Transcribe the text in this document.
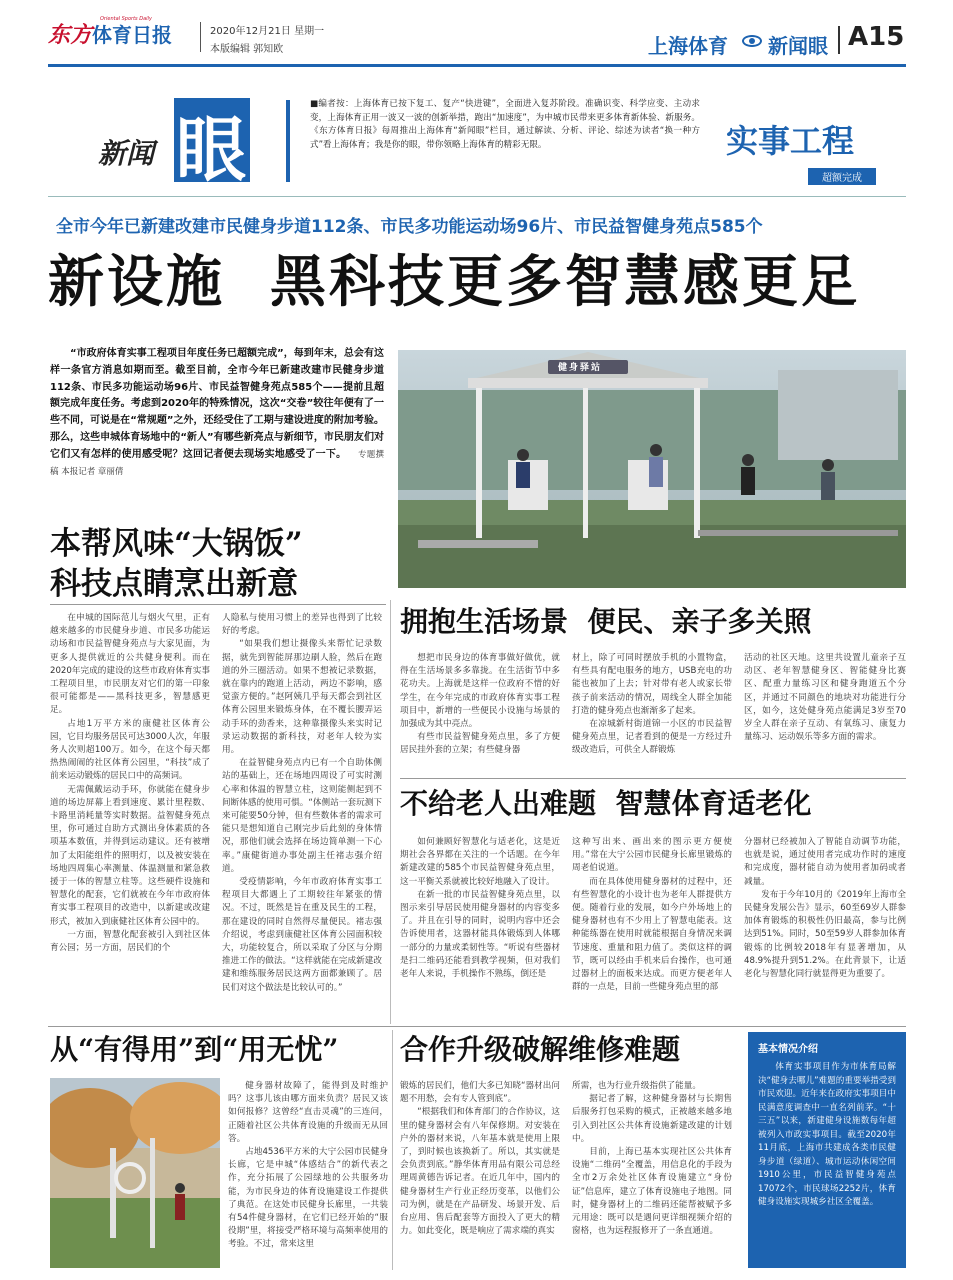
东方体育日报
Oriental Sports Daily
2020年12月21日 星期一
本版编辑 郭知欧	上海体育 新闻眼 A15
新闻 眼
■编者按：上海体育已按下复工、复产“快进键”，全面进入复苏阶段。准确识变、科学应变、主动求变，上海体育正用一波又一波的创新举措，跑出“加速度”，为申城市民带来更多体育新体验、新服务。《东方体育日报》每周推出上海体育“新闻眼”栏目，通过解读、分析、评论、综述为读者“换一种方式”看上海体育；我是你的眼，带你领略上海体育的精彩无限。	实事工程
超额完成
全市今年已新建改建市民健身步道112条、市民多功能运动场96片、市民益智健身苑点585个
新设施  黑科技更多智慧感更足
“市政府体育实事工程项目年度任务已超额完成”，每到年末，总会有这样一条官方消息如期而至。截至目前，全市今年已新建改建市民健身步道112条、市民多功能运动场96片、市民益智健身苑点585个——提前且超额完成年度任务。考虑到2020年的特殊情况，这次“交卷”较往年便有了一些不同，可说是在“常规题”之外，还经受住了工期与建设进度的附加考验。那么，这些申城体育场地中的“新人”有哪些新亮点与新细节，市民朋友们对它们又有怎样的使用感受呢？这回记者便去现场实地感受了一下。 专题撰稿 本报记者 章丽倩
健身驿站
本帮风味“大锅饭”
科技点睛烹出新意

在申城的国际范儿与烟火气里，正有越来越多的市民健身步道、市民多功能运动场和市民益智健身苑点与大家见面，为更多人提供就近的公共健身便利。而在2020年完成的建设的这些市政府体育实事工程项目里，市民朋友对它们的第一印象很可能都是——黑科技更多，智慧感更足。

占地1万平方米的康健社区体育公园，它目均服务居民可达3000人次，年服务人次则超100万。如今，在这个每天都热热闹闹的社区体育公园里，“科技”成了前来运动锻炼的居民口中的高频词。

无需佩戴运动手环，你就能在健身步道的场边屏幕上看到速度、累计里程数、卡路里消耗量等实时数据。益智健身苑点里，你可通过自助方式测出身体素质的各项基本数值，并得到运动建议。还有被增加了太阳能组件的照明灯，以及被安装在场地四周集心率测量、体温测量和紧急救援于一体的智慧立柱等。这些硬件设施和智慧化的配套，它们就被在今年市政府体育实事工程项目的改造中，以新建或改建形式，被加入到康健社区体育公园中的。

一方面，智慧化配套被引入到社区体育公园；另一方面，居民们的个

人隐私与使用习惯上的差异也得到了比较好的考虑。

“如果我们想让摄像头来帮忙记录数据，就先到智能屏那边刷人脸，然后在跑道的外三圈活动。如果不想被记录数据，就在靠内的跑道上活动，两边不影响，感觉蛮方便的。”赵阿姨几乎每天都会到社区体育公园里来锻炼身体，在不覆长腰弄运动手环的劲香来，这种靠摄像头来实时记录运动数据的新科技，对老年人较为实用。

在益智健身苑点内已有一个自助体侧站的基础上，还在场地四周设了可实时测心率和体温的智慧立柱，这则能侧起到不间断体感的使用可惧。“体侧站一套玩测下来可能要50分钟，但有些数体者的需求可能只是想知道自己刚完步后此刻的身体情况，那他们就会选择在场边简单测一下心率。”康健街道办事处副主任褚志强介绍道。

受疫情影响，今年市政府体育实事工程项目大都遇上了工期较往年紧张的情况。不过，既然是旨在重及民生的工程，那在建设的同时自然得尽量便民。褚志强介绍说，考虑到康健社区体育公园面积较大，功能较复合，所以采取了分区与分期推进工作的做法。“这样就能在完成新建改建和维练服务居民这两方面都兼顾了。居民们对这个做法是比较认可的。”

拥抱生活场景  便民、亲子多关照

想把市民身边的体育事做好做优，就得在生活场景多多靠拢。在生活街节中多花功夫。上海就是这样一位政府不惜的好学生，在今年完成的市政府体育实事工程项目中，新增的一些便民小设施与场景的加强成为其中亮点。

有些市民益智健身苑点里，多了方便居民挂外套的立架；有些健身器

材上，除了可同时摆放手机的小置物盒，有些具有配电服务的地方，USB充电的功能也被加了上去；针对带有老人或家长带孩子前来活动的情况，周线全人群全加能打造的健身苑点也渐渐多了起来。

在凉城新村街道锦一小区的市民益智健身苑点里，记者看到的便是一方经过升级改造后，可供全人群锻炼

活动的社区天地。这里共设置儿童亲子互动区、老年智慧健身区、智能健身比赛区、配重力量练习区和健身跑道五个分区，并通过不同颜色的地块对功能进行分区，如今，这处健身苑点能满足3岁至70岁全人群在亲子互动、有氧练习、康复力量练习、运动娱乐等多方面的需求。

不给老人出难题  智慧体育适老化

如何兼顾好智慧化与适老化，这是近期社会各界都在关注的一个话题。在今年新建改建的585个市民益智健身苑点里，这一平衡关系就被比较好地融入了设计。

在新一批的市民益智健身苑点里，以图示来引导居民使用健身器材的内容变多了。并且在引导的同时，说明内容中还会告诉使用者，这器材能具体锻炼到人体哪一部分的力量或柔韧性等。“听说有些器材是扫二维码还能看到教学视频，但对我们老年人来说，手机操作不熟练，倒还是

这种写出来、画出来的图示更方便使用。”常在大宁公园市民健身长廊里锻炼的周老伯说道。

而在具体使用健身器材的过程中，还有些智慧化的小设计也为老年人群提供方便。随着行业的发展，如今户外场地上的健身器材也有不少用上了智慧电能表。这种能练器在使用时就能根据自身情况来调节速度、重量和阻力值了。类似这样的调节，既可以经由手机来后台操作，也可通过器材上的面板来达成。而更方便老年人群的一点是，目前一些健身苑点里的部

分器材已经被加入了智能自动调节功能，也就是说，通过使用者完成功作时的速度和完成度，器材能自动为使用者加码或者减量。

发布于今年10月的《2019年上海市全民健身发展公告》显示，60至69岁人群参加体育锻炼的积极性仍旧最高，参与比例达到51%。同时，50至59岁人群参加体育锻炼的比例较2018年有显著增加，从48.9%提升到51.2%。在此背景下，让适老化与智慧化同行就显得更为重要了。

从“有得用”到“用无忧”

健身器材故障了，能得到及时维护吗？这事儿该由哪方面来负责？居民又该如何报修？这曾经“直击灵魂”的三连问，正随着社区公共体育设施的升级而无从回答。

占地4536平方米的大宁公园市民健身长廊，它是申城“体感结合”的新代表之作，充分拓展了公园绿地的公共服务功能，为市民身边的体育设施建设工作提供了典范。在这处市民健身长廊里，一共装有54件健身器材，在它们已经开始的“服役期”里，将接受严格环境与高频率使用的考验。不过，常来这里

合作升级破解维修难题

锻炼的居民们，他们大多已知晓“器材出问题不用愁，会有专人管到底”。

“根据我们和体育部门的合作协议，这里的健身器材会有八年保修期。对安装在户外的器材来说，八年基本就是使用上限了，到时候也该换新了。所以，其实就是会负责到底。”静华体育用品有限公司总经理周黄德告诉记者。在近几年中，国内的健身器材生产行业正经历变革，以他们公司为例，就是在产品研发、场景开发、后台应用、售后配套等方面投入了更大的精力。如此变化，既是响应了需求端的真实

所需，也为行业升级指供了能量。

据记者了解，这种健身器材与长期售后服务打包采购的模式，正被越来越多地引入到社区公共体育设施新建改建的计划中。

目前，上海已基本实现社区公共体育设施“二维码”全覆盖，用信息化的手段为全市2万余处社区体育设施建立“身份证”信息库，建立了体育设施电子地图。同时，健身器材上的二维码还能帮被赋予多元用途：既可以是遇问更详细视频介绍的窗格，也为远程报修开了一条直通道。

基本情况介绍
体育实事项目作为市体育局解决“健身去哪儿”难题的重要举措受到市民欢迎。近年来在政府实事项目中民满意度调查中一直名列前茅。“十三五”以来，新建健身设施数每年超被列入市政实事项目。截至2020年11月底，上海市共建成各类市民健身步道（绿道）、城市运动休闲空间1910公里，市民益智健身苑点17072个，市民球场2252片，体育健身设施实现城乡社区全覆盖。
